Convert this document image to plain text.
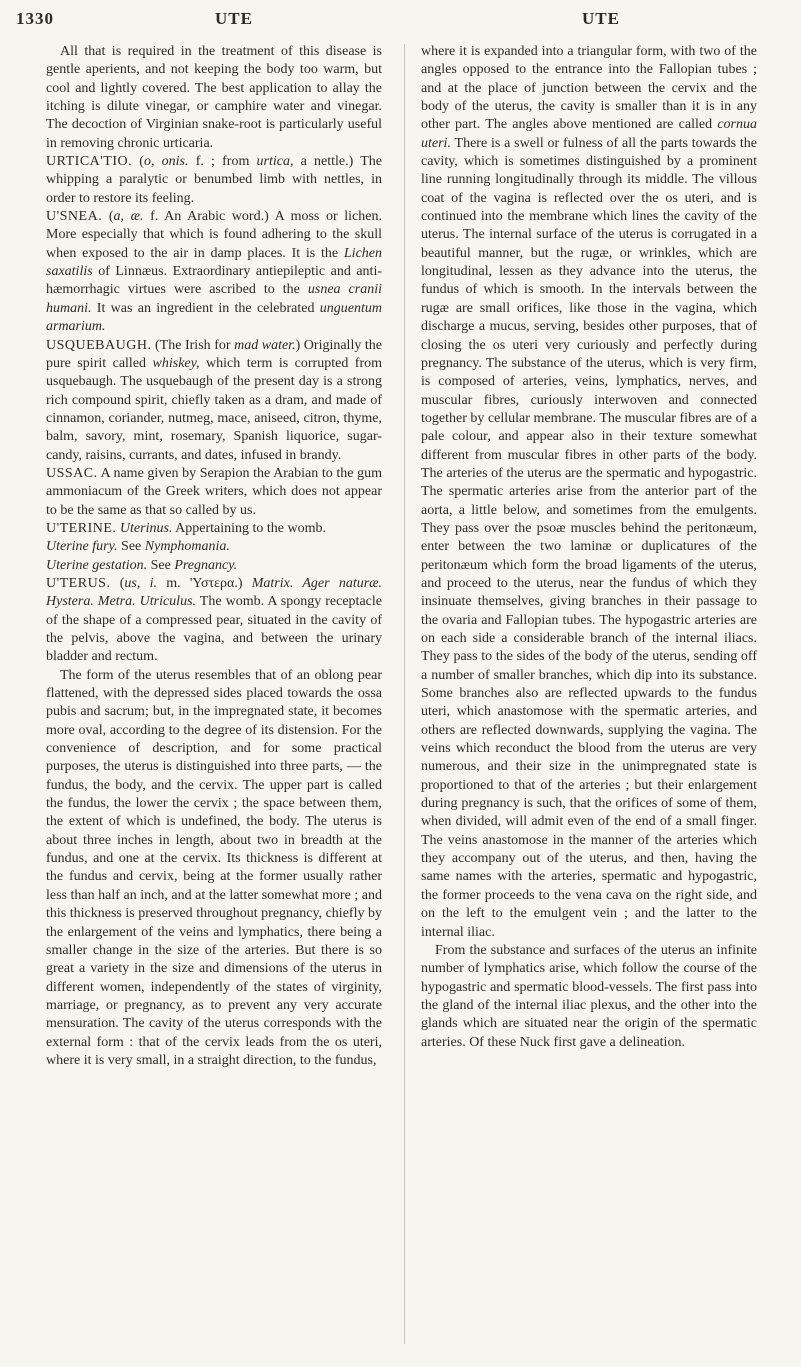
1330	UTE	UTE

All that is required in the treatment of this disease is gentle aperients, and not keeping the body too warm, but cool and lightly covered. The best application to allay the itching is dilute vinegar, or camphire water and vinegar. The decoction of Virginian snake-root is particularly useful in removing chronic urticaria.

URTICA'TIO. (o, onis. f. ; from urtica, a nettle.) The whipping a paralytic or benumbed limb with nettles, in order to restore its feeling.

U'SNEA. (a, æ. f. An Arabic word.) A moss or lichen. More especially that which is found adhering to the skull when exposed to the air in damp places. It is the Lichen saxatilis of Linnæus. Extraordinary antiepileptic and anti-hæmorrhagic virtues were ascribed to the usnea cranii humani. It was an ingredient in the celebrated unguentum armarium.

USQUEBAUGH. (The Irish for mad water.) Originally the pure spirit called whiskey, which term is corrupted from usquebaugh. The usquebaugh of the present day is a strong rich compound spirit, chiefly taken as a dram, and made of cinnamon, coriander, nutmeg, mace, aniseed, citron, thyme, balm, savory, mint, rosemary, Spanish liquorice, sugar-candy, raisins, currants, and dates, infused in brandy.

USSAC. A name given by Serapion the Arabian to the gum ammoniacum of the Greek writers, which does not appear to be the same as that so called by us.

U'TERINE. Uterinus. Appertaining to the womb.

Uterine fury. See Nymphomania.

Uterine gestation. See Pregnancy.

U'TERUS. (us, i. m. 'Υστερα.) Matrix. Ager naturæ. Hystera. Metra. Utriculus. The womb. A spongy receptacle of the shape of a compressed pear, situated in the cavity of the pelvis, above the vagina, and between the urinary bladder and rectum.

The form of the uterus resembles that of an oblong pear flattened, with the depressed sides placed towards the ossa pubis and sacrum; but, in the impregnated state, it becomes more oval, according to the degree of its distension. For the convenience of description, and for some practical purposes, the uterus is distinguished into three parts, — the fundus, the body, and the cervix. The upper part is called the fundus, the lower the cervix ; the space between them, the extent of which is undefined, the body. The uterus is about three inches in length, about two in breadth at the fundus, and one at the cervix. Its thickness is different at the fundus and cervix, being at the former usually rather less than half an inch, and at the latter somewhat more ; and this thickness is preserved throughout pregnancy, chiefly by the enlargement of the veins and lymphatics, there being a smaller change in the size of the arteries. But there is so great a variety in the size and dimensions of the uterus in different women, independently of the states of virginity, marriage, or pregnancy, as to prevent any very accurate mensuration. The cavity of the uterus corresponds with the external form : that of the cervix leads from the os uteri, where it is very small, in a straight direction, to the fundus,

where it is expanded into a triangular form, with two of the angles opposed to the entrance into the Fallopian tubes ; and at the place of junction between the cervix and the body of the uterus, the cavity is smaller than it is in any other part. The angles above mentioned are called cornua uteri. There is a swell or fulness of all the parts towards the cavity, which is sometimes distinguished by a prominent line running longitudinally through its middle. The villous coat of the vagina is reflected over the os uteri, and is continued into the membrane which lines the cavity of the uterus. The internal surface of the uterus is corrugated in a beautiful manner, but the rugæ, or wrinkles, which are longitudinal, lessen as they advance into the uterus, the fundus of which is smooth. In the intervals between the rugæ are small orifices, like those in the vagina, which discharge a mucus, serving, besides other purposes, that of closing the os uteri very curiously and perfectly during pregnancy. The substance of the uterus, which is very firm, is composed of arteries, veins, lymphatics, nerves, and muscular fibres, curiously interwoven and connected together by cellular membrane. The muscular fibres are of a pale colour, and appear also in their texture somewhat different from muscular fibres in other parts of the body. The arteries of the uterus are the spermatic and hypogastric. The spermatic arteries arise from the anterior part of the aorta, a little below, and sometimes from the emulgents. They pass over the psoæ muscles behind the peritonæum, enter between the two laminæ or duplicatures of the peritonæum which form the broad ligaments of the uterus, and proceed to the uterus, near the fundus of which they insinuate themselves, giving branches in their passage to the ovaria and Fallopian tubes. The hypogastric arteries are on each side a considerable branch of the internal iliacs. They pass to the sides of the body of the uterus, sending off a number of smaller branches, which dip into its substance. Some branches also are reflected upwards to the fundus uteri, which anastomose with the spermatic arteries, and others are reflected downwards, supplying the vagina. The veins which reconduct the blood from the uterus are very numerous, and their size in the unimpregnated state is proportioned to that of the arteries ; but their enlargement during pregnancy is such, that the orifices of some of them, when divided, will admit even of the end of a small finger. The veins anastomose in the manner of the arteries which they accompany out of the uterus, and then, having the same names with the arteries, spermatic and hypogastric, the former proceeds to the vena cava on the right side, and on the left to the emulgent vein ; and the latter to the internal iliac.

From the substance and surfaces of the uterus an infinite number of lymphatics arise, which follow the course of the hypogastric and spermatic blood-vessels. The first pass into the gland of the internal iliac plexus, and the other into the glands which are situated near the origin of the spermatic arteries. Of these Nuck first gave a delineation.
